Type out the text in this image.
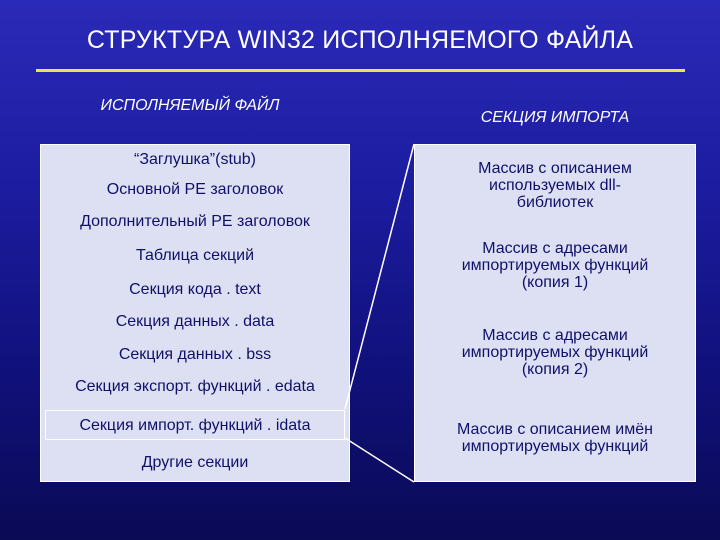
СТРУКТУРА WIN32 ИСПОЛНЯЕМОГО ФАЙЛА
ИСПОЛНЯЕМЫЙ ФАЙЛ
СЕКЦИЯ ИМПОРТА
“Заглушка”(stub)
Основной PE заголовок
Дополнительный PE заголовок
Таблица секций
Секция кода . text
Секция данных . data
Секция данных . bss
Секция экспорт. функций . edata
Секция импорт. функций . idata
Другие секции
Массив с описанием
используемых dll-
библиотек
Массив с адресами
импортируемых функций
(копия 1)
Массив с адресами
импортируемых функций
(копия 2)
Массив с описанием имён
импортируемых функций
